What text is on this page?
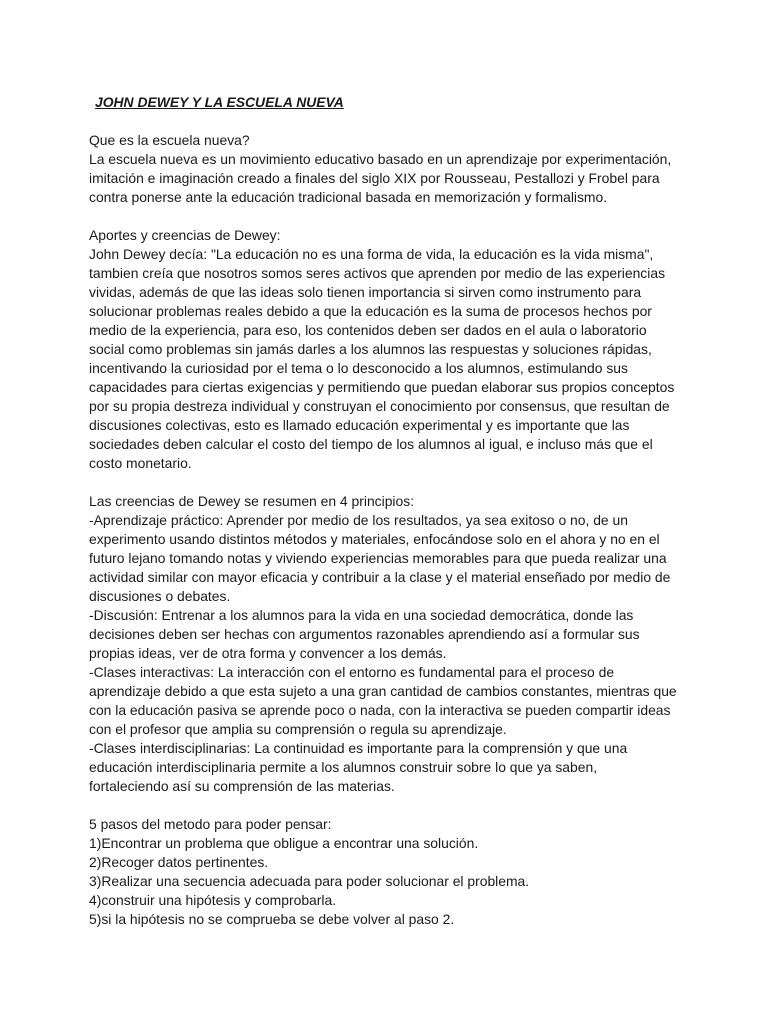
JOHN DEWEY Y LA ESCUELA NUEVA
Que es la escuela nueva?
La escuela nueva es un movimiento educativo basado en un aprendizaje por experimentación,
imitación e imaginación creado a finales del siglo XIX por Rousseau, Pestallozi y Frobel para
contra ponerse ante la educación tradicional basada en memorización y formalismo.
Aportes y creencias de Dewey:
John Dewey decía: "La educación no es una forma de vida, la educación es la vida misma",
tambien creía que nosotros somos seres activos que aprenden por medio de las experiencias
vividas, además de que las ideas solo tienen importancia si sirven como instrumento para
solucionar problemas reales debido a que la educación es la suma de procesos hechos por
medio de la experiencia, para eso, los contenidos deben ser dados en el aula o laboratorio
social como problemas sin jamás darles a los alumnos las respuestas y soluciones rápidas,
incentivando la curiosidad por el tema o lo desconocido a los alumnos, estimulando sus
capacidades para ciertas exigencias y permitiendo que puedan elaborar sus propios conceptos
por su propia destreza individual y construyan el conocimiento por consensus, que resultan de
discusiones colectivas, esto es llamado educación experimental y es importante que las
sociedades deben calcular el costo del tiempo de los alumnos al igual, e incluso más que el
costo monetario.
Las creencias de Dewey se resumen en 4 principios:
-Aprendizaje práctico: Aprender por medio de los resultados, ya sea exitoso o no, de un
experimento usando distintos métodos y materiales, enfocándose solo en el ahora y no en el
futuro lejano tomando notas y viviendo experiencias memorables para que pueda realizar una
actividad similar con mayor eficacia y contribuir a la clase y el material enseñado por medio de
discusiones o debates.
-Discusión: Entrenar a los alumnos para la vida en una sociedad democrática, donde las
decisiones deben ser hechas con argumentos razonables aprendiendo así a formular sus
propias ideas, ver de otra forma y convencer a los demás.
-Clases interactivas: La interacción con el entorno es fundamental para el proceso de
aprendizaje debido a que esta sujeto a una gran cantidad de cambios constantes, mientras que
con la educación pasiva se aprende poco o nada, con la interactiva se pueden compartir ideas
con el profesor que amplia su comprensión o regula su aprendizaje.
-Clases interdisciplinarias: La continuidad es importante para la comprensión y que una
educación interdisciplinaria permite a los alumnos construir sobre lo que ya saben,
fortaleciendo así su comprensión de las materias.
5 pasos del metodo para poder pensar:
1)Encontrar un problema que obligue a encontrar una solución.
2)Recoger datos pertinentes.
3)Realizar una secuencia adecuada para poder solucionar el problema.
4)construir una hipótesis y comprobarla.
5)si la hipótesis no se comprueba se debe volver al paso 2.
